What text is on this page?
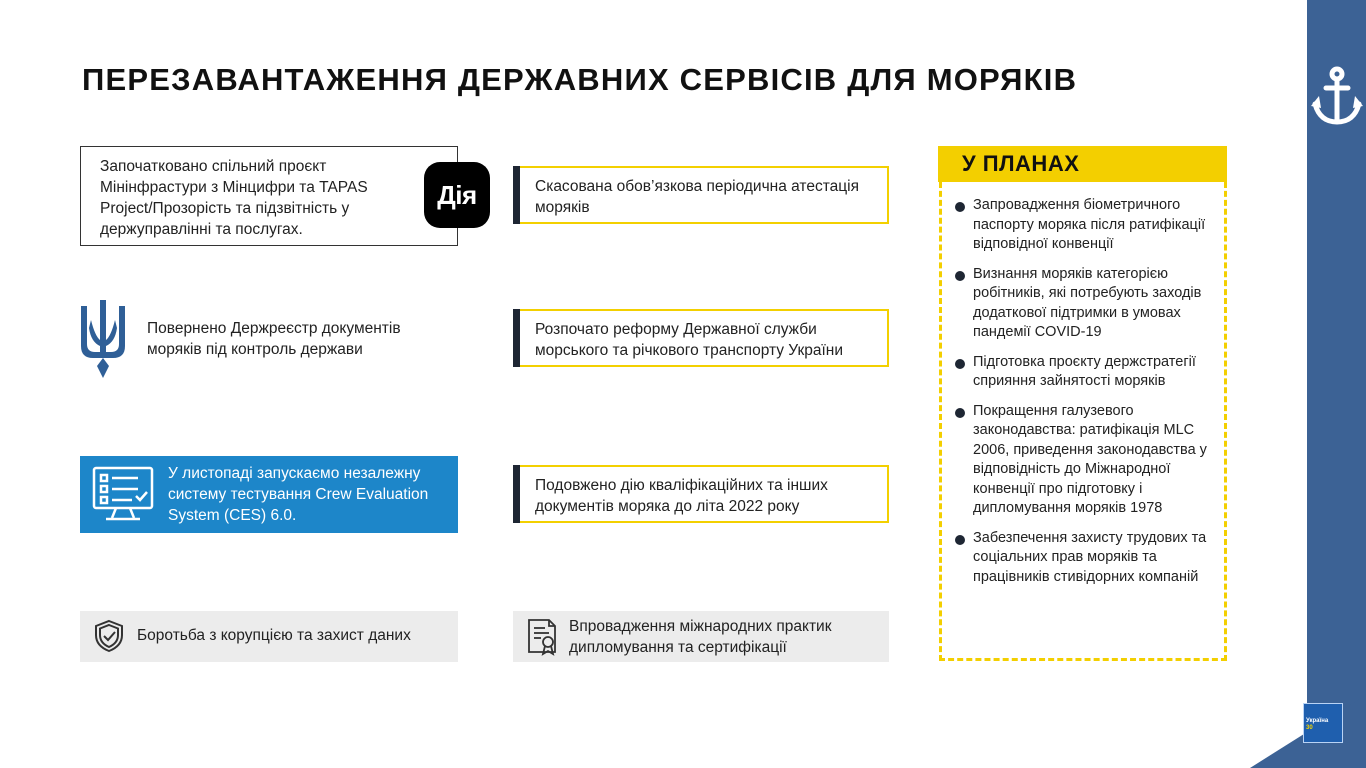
Україна
30
ПЕРЕЗАВАНТАЖЕННЯ ДЕРЖАВНИХ СЕРВІСІВ ДЛЯ МОРЯКІВ
Започатковано спільний проєкт Мінінфрастури з Мінцифри та TAPAS Project/Прозорість та підзвітність у держуправлінні та послугах.
Дія
Повернено Держреєстр документів моряків під контроль держави
У листопаді запускаємо незалежну систему тестування Crew Evaluation System (CES) 6.0.
Боротьба з корупцією та захист даних
Скасована обов’язкова періодична атестація моряків
Розпочато реформу Державної служби морського та річкового транспорту України
Подовжено дію кваліфікаційних та інших документів моряка до літа 2022 року
Впровадження міжнародних практик дипломування та сертифікації
У ПЛАНАХ
Запровадження біометричного паспорту моряка після ратифікації відповідної конвенції
Визнання моряків категорією робітників, які потребують заходів додаткової підтримки в умовах пандемії COVID-19
Підготовка проєкту держстратегії сприяння зайнятості моряків
Покращення галузевого законодавства: ратифікація MLC 2006, приведення законодавства у відповідність до Міжнародної конвенції про підготовку і дипломування моряків 1978
Забезпечення захисту трудових та соціальних прав моряків та працівників стивідорних компаній
